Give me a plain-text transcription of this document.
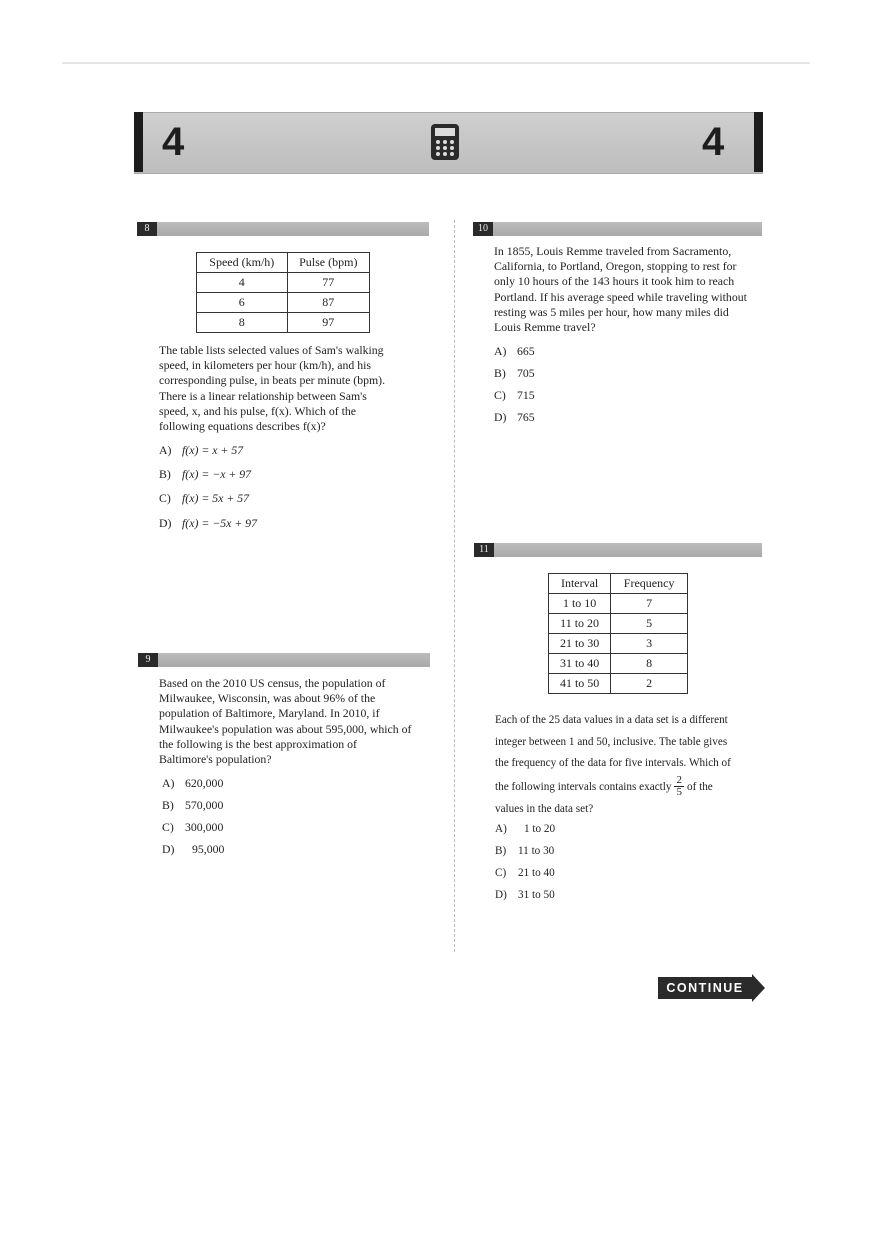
4	4
8
Speed (km/h)	Pulse (bpm)
4	77
6	87
8	97
The table lists selected values of Sam's walking
speed, in kilometers per hour (km/h), and his
corresponding pulse, in beats per minute (bpm).
There is a linear relationship between Sam's
speed, x, and his pulse, f(x). Which of the
following equations describes f(x)?
A) f(x) = x + 57
B) f(x) = −x + 97
C) f(x) = 5x + 57
D) f(x) = −5x + 97
9
Based on the 2010 US census, the population of
Milwaukee, Wisconsin, was about 96% of the
population of Baltimore, Maryland. In 2010, if
Milwaukee's population was about 595,000, which of
the following is the best approximation of
Baltimore's population?
A) 620,000
B) 570,000
C) 300,000
D) 95,000
10
In 1855, Louis Remme traveled from Sacramento,
California, to Portland, Oregon, stopping to rest for
only 10 hours of the 143 hours it took him to reach
Portland. If his average speed while traveling without
resting was 5 miles per hour, how many miles did
Louis Remme travel?
A) 665
B) 705
C) 715
D) 765
11
Interval	Frequency
1 to 10	7
11 to 20	5
21 to 30	3
31 to 40	8
41 to 50	2
Each of the 25 data values in a data set is a different
integer between 1 and 50, inclusive. The table gives
the frequency of the data for five intervals. Which of
the following intervals contains exactly $\frac{2}{5}$ of the
values in the data set?
A) 1 to 20
B) 11 to 30
C) 21 to 40
D) 31 to 50
CONTINUE
